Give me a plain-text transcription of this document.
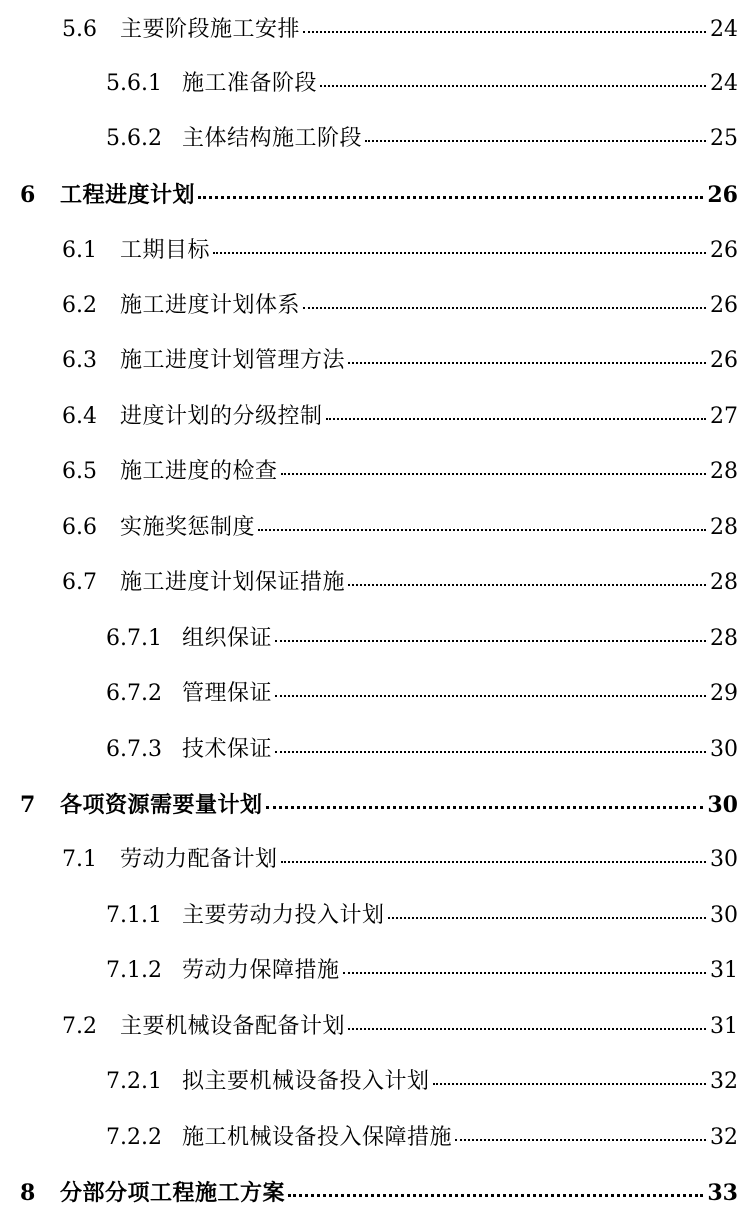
5.6	主要阶段施工安排	24
5.6.1 施工准备阶段	24
5.6.2 主体结构施工阶段	25
6	工程进度计划	26
6.1	工期目标	26
6.2	施工进度计划体系	26
6.3	施工进度计划管理方法	26
6.4	进度计划的分级控制	27
6.5	施工进度的检查	28
6.6	实施奖惩制度	28
6.7	施工进度计划保证措施	28
6.7.1 组织保证	28
6.7.2 管理保证	29
6.7.3 技术保证	30
7	各项资源需要量计划	30
7.1	劳动力配备计划	30
7.1.1 主要劳动力投入计划	30
7.1.2 劳动力保障措施	31
7.2	主要机械设备配备计划	31
7.2.1 拟主要机械设备投入计划	32
7.2.2 施工机械设备投入保障措施	32
8	分部分项工程施工方案	33
